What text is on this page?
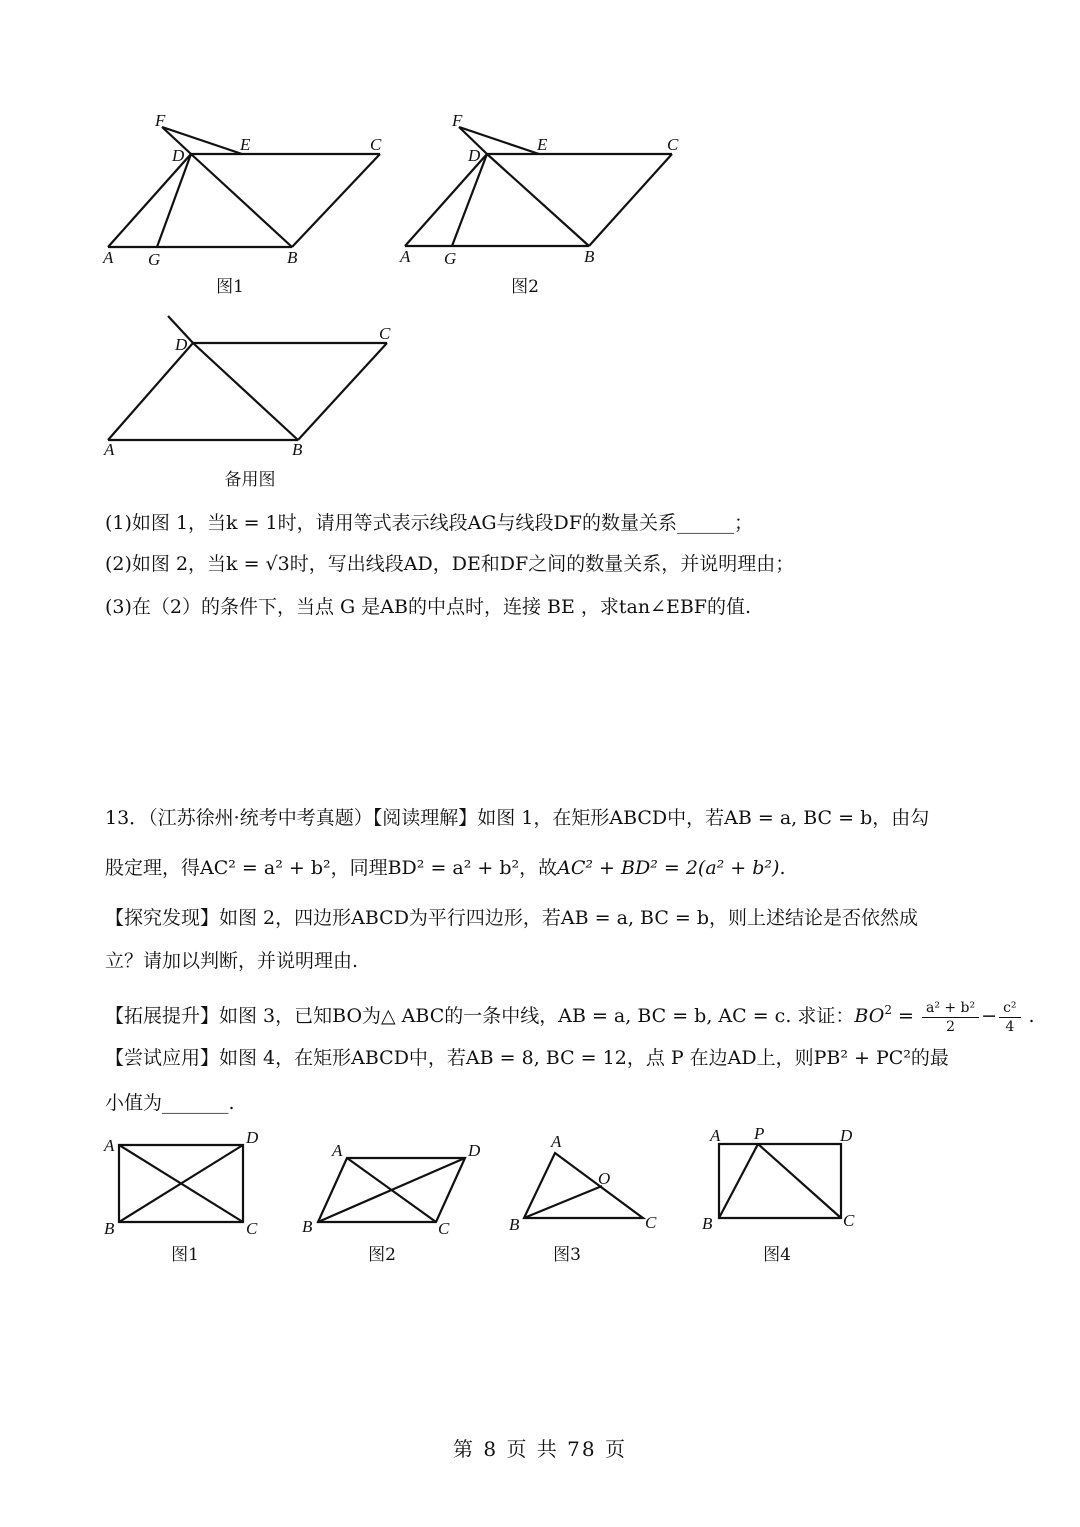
F
E	C
D
A G	B
图1
F
E	C
D
A G	B
图2
C
D
A	B
备用图
(1)如图 1，当k = 1时，请用等式表示线段AG与线段DF的数量关系______；
(2)如图 2，当k = √3时，写出线段AD，DE和DF之间的数量关系，并说明理由；
(3)在（2）的条件下，当点 G 是AB的中点时，连接 BE ，求tan∠EBF的值.
13．（江苏徐州·统考中考真题）【阅读理解】如图 1，在矩形ABCD中，若AB = a, BC = b，由勾
股定理，得AC² = a² + b²，同理BD² = a² + b²，故AC² + BD² = 2(a² + b²).
【探究发现】如图 2，四边形ABCD为平行四边形，若AB = a, BC = b，则上述结论是否依然成
立？请加以判断，并说明理由.
【拓展提升】如图 3，已知BO为△ ABC的一条中线，AB = a, BC = b, AC = c. 求证：$BO^2 = \frac{\text{a² + b²}}{2} - \frac{\text{c²}}{4}$ .
【尝试应用】如图 4，在矩形ABCD中，若AB = 8, BC = 12，点 P 在边AD上，则PB² + PC²的最
小值为_______.
A	D
B	C
图1
A	D
B	C
图2
A
O
B	C
图3
A P	D
B	C
图4
第 8 页 共 78 页
